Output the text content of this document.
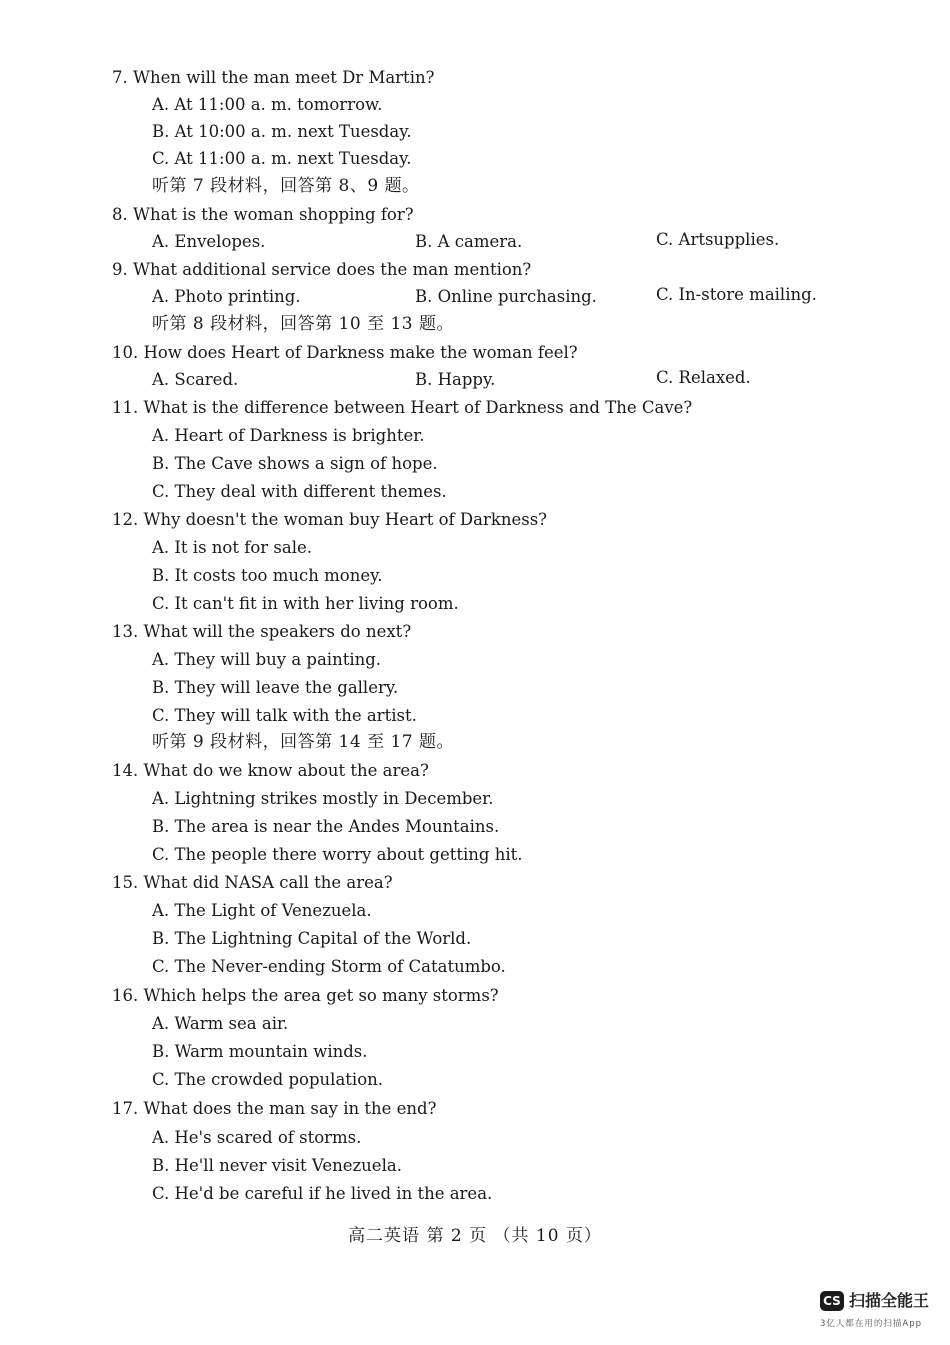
7. When will the man meet Dr Martin?
A. At 11:00 a. m. tomorrow.
B. At 10:00 a. m. next Tuesday.
C. At 11:00 a. m. next Tuesday.
听第 7 段材料，回答第 8、9 题。
8. What is the woman shopping for?
A. Envelopes.	B. A camera.	C. Artsupplies.
9. What additional service does the man mention?
A. Photo printing.	B. Online purchasing.	C. In-store mailing.
听第 8 段材料，回答第 10 至 13 题。
10. How does Heart of Darkness make the woman feel?
A. Scared.	B. Happy.	C. Relaxed.
11. What is the difference between Heart of Darkness and The Cave?
A. Heart of Darkness is brighter.
B. The Cave shows a sign of hope.
C. They deal with different themes.
12. Why doesn't the woman buy Heart of Darkness?
A. It is not for sale.
B. It costs too much money.
C. It can't fit in with her living room.
13. What will the speakers do next?
A. They will buy a painting.
B. They will leave the gallery.
C. They will talk with the artist.
听第 9 段材料，回答第 14 至 17 题。
14. What do we know about the area?
A. Lightning strikes mostly in December.
B. The area is near the Andes Mountains.
C. The people there worry about getting hit.
15. What did NASA call the area?
A. The Light of Venezuela.
B. The Lightning Capital of the World.
C. The Never-ending Storm of Catatumbo.
16. Which helps the area get so many storms?
A. Warm sea air.
B. Warm mountain winds.
C. The crowded population.
17. What does the man say in the end?
A. He's scared of storms.
B. He'll never visit Venezuela.
C. He'd be careful if he lived in the area.
高二英语 第 2 页 （共 10 页）
CS 扫描全能王
3亿人都在用的扫描App
